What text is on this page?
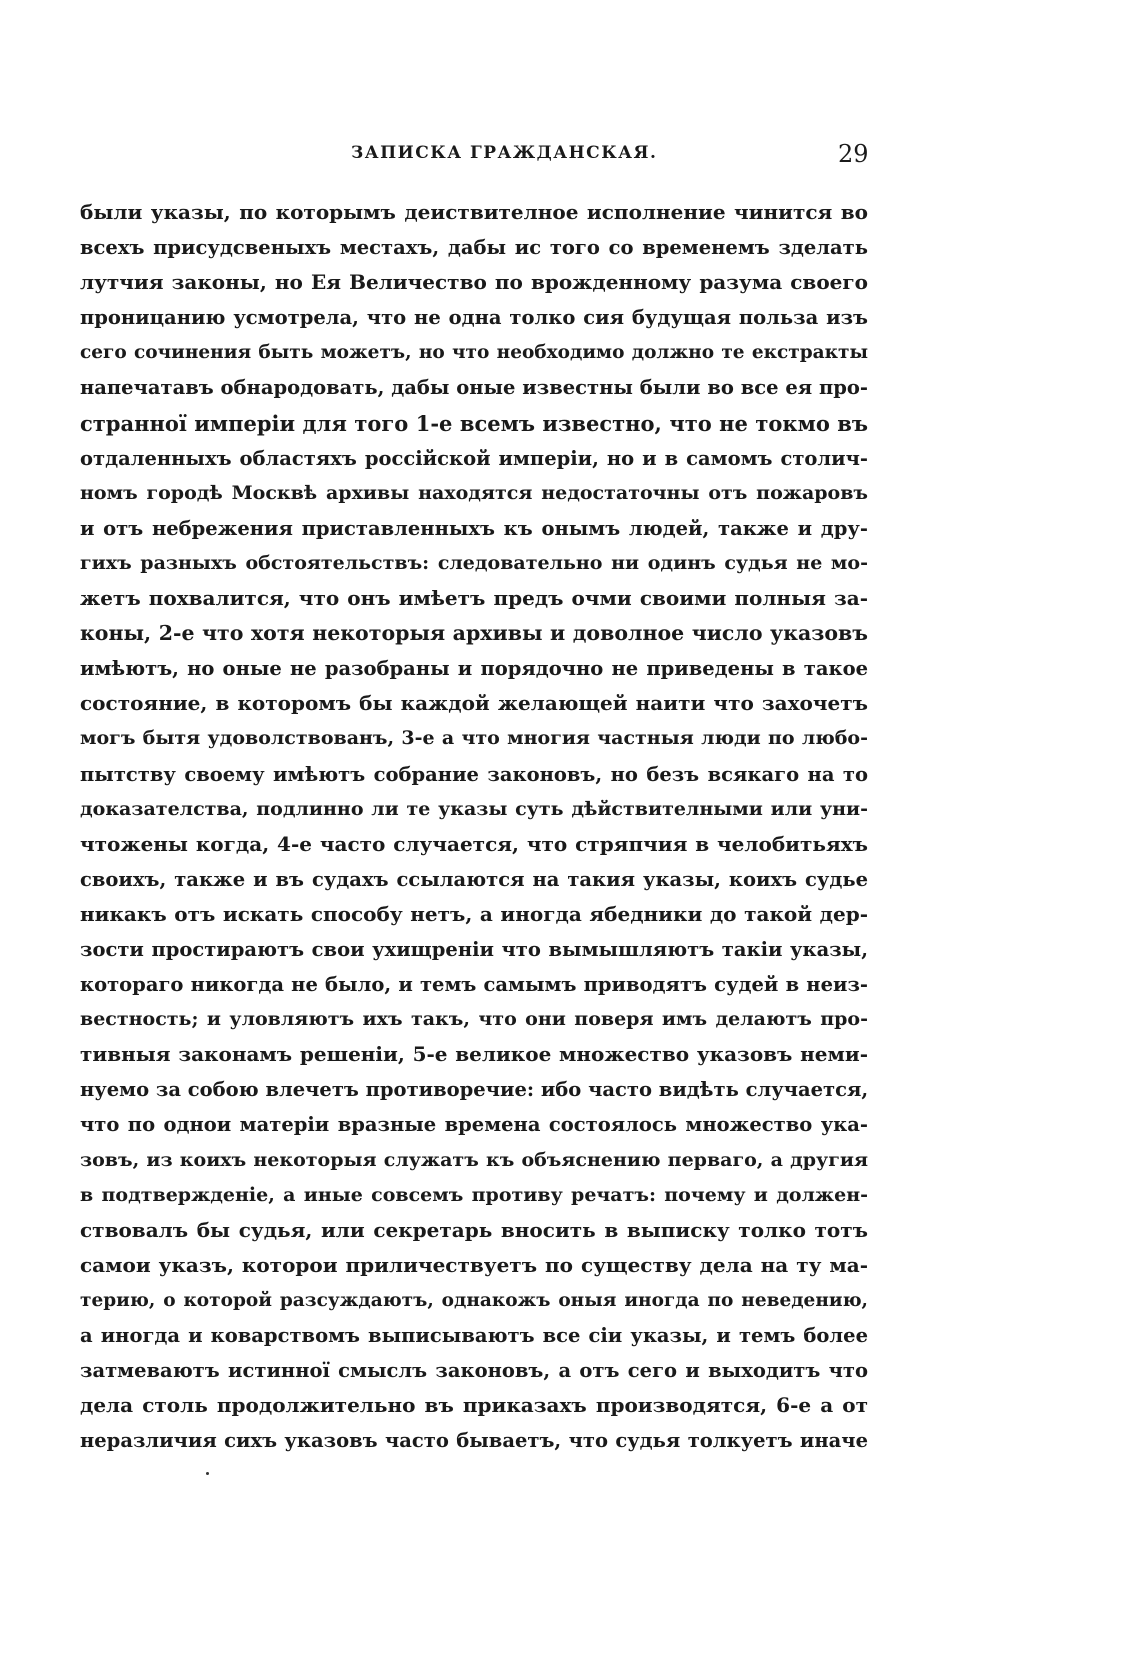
ЗАПИСКА ГРАЖДАНСКАЯ.	29
были указы, по которымъ деиствителное исполнение чинится во
всехъ присудсвеныхъ местахъ, дабы ис того со временемъ зделать
лутчия законы, но Ея Величество по врожденному разума своего
проницанию усмотрела, что не одна толко сия будущая польза изъ
сего сочинения быть можетъ, но что необходимо должно те екстракты
напечатавъ обнародовать, дабы оные известны были во все ея про-
странної имперіи для того 1-е всемъ известно, что не токмо въ
отдаленныхъ областяхъ россійской имперіи, но и в самомъ столич-
номъ городѣ Москвѣ архивы находятся недостаточны отъ пожаровъ
и отъ небрежения приставленныхъ къ онымъ людей, также и дру-
гихъ разныхъ обстоятельствъ: следовательно ни одинъ судья не мо-
жетъ похвалится, что онъ имѣетъ предъ очми своими полныя за-
коны, 2-е что хотя некоторыя архивы и доволное число указовъ
имѣютъ, но оные не разобраны и порядочно не приведены в такое
состояние, в которомъ бы каждой желающей наити что захочетъ
могъ бытя удоволствованъ, 3-е а что многия частныя люди по любо-
пытству своему имѣютъ собрание законовъ, но безъ всякаго на то
доказателства, подлинно ли те указы суть дѣйствителными или уни-
чтожены когда, 4-е часто случается, что стряпчия в челобитьяхъ
своихъ, также и въ судахъ ссылаются на такия указы, коихъ судье
никакъ отъ искать способу нетъ, а иногда ябедники до такой дер-
зости простираютъ свои ухищреніи что вымышляютъ такіи указы,
котораго никогда не было, и темъ самымъ приводятъ судей в неиз-
вестность; и уловляютъ ихъ такъ, что они поверя имъ делаютъ про-
тивныя законамъ решеніи, 5-е великое множество указовъ неми-
нуемо за собою влечетъ противоречие: ибо часто видѣть случается,
что по однои матеріи вразные времена состоялось множество ука-
зовъ, из коихъ некоторыя служатъ къ объяснению перваго, а другия
в подтвержденіе, а иные совсемъ противу речатъ: почему и должен-
ствовалъ бы судья, или секретарь вносить в выписку толко тотъ
самои указъ, которои приличествуетъ по существу дела на ту ма-
терию, о которой разсуждаютъ, однакожъ оныя иногда по неведению,
а иногда и коварствомъ выписываютъ все сіи указы, и темъ более
затмеваютъ истинної смыслъ законовъ, а отъ сего и выходитъ что
дела столь продолжительно въ приказахъ производятся, 6-е а от
неразличия сихъ указовъ часто бываетъ, что судья толкуетъ иначе
